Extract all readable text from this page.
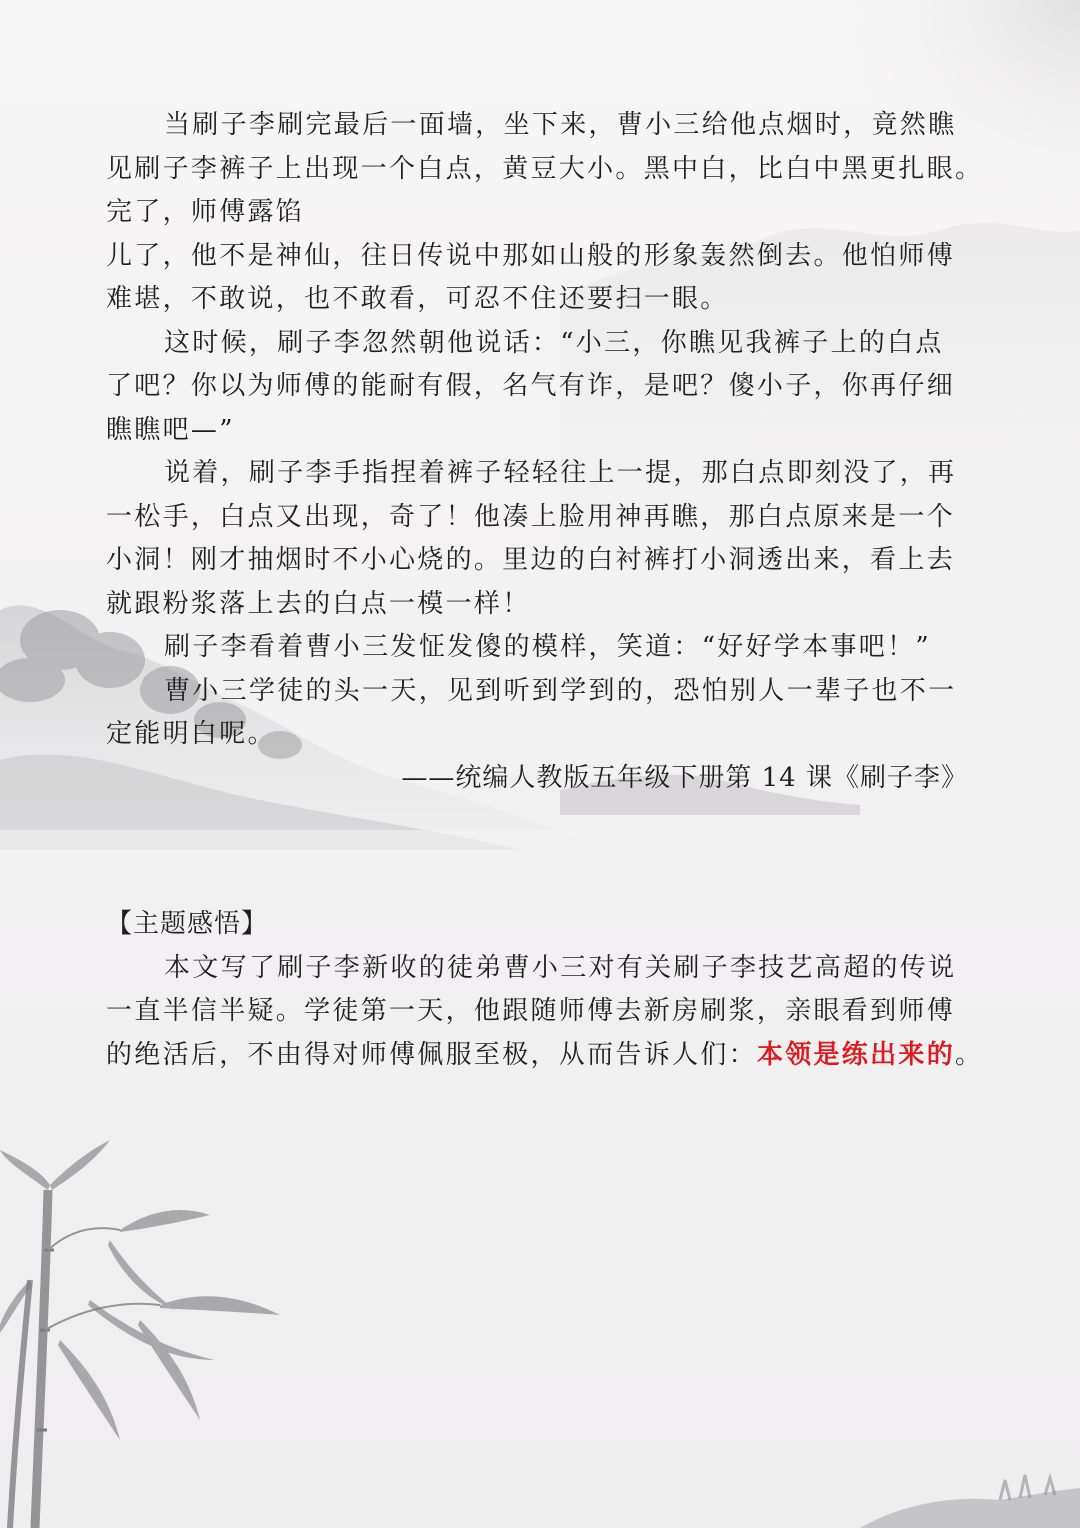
当刷子李刷完最后一面墙，坐下来，曹小三给他点烟时，竟然瞧
见刷子李裤子上出现一个白点，黄豆大小。黑中白，比白中黑更扎眼。
完了，师傅露馅
儿了，他不是神仙，往日传说中那如山般的形象轰然倒去。他怕师傅
难堪，不敢说，也不敢看，可忍不住还要扫一眼。
这时候，刷子李忽然朝他说话：“小三，你瞧见我裤子上的白点
了吧？你以为师傅的能耐有假，名气有诈，是吧？傻小子，你再仔细
瞧瞧吧—”
说着，刷子李手指捏着裤子轻轻往上一提，那白点即刻没了，再
一松手，白点又出现，奇了！他凑上脸用神再瞧，那白点原来是一个
小洞！刚才抽烟时不小心烧的。里边的白衬裤打小洞透出来，看上去
就跟粉浆落上去的白点一模一样！
刷子李看着曹小三发怔发傻的模样，笑道：“好好学本事吧！”
曹小三学徒的头一天，见到听到学到的，恐怕别人一辈子也不一
定能明白呢。
——统编人教版五年级下册第 14 课《刷子李》
【主题感悟】
本文写了刷子李新收的徒弟曹小三对有关刷子李技艺高超的传说
一直半信半疑。学徒第一天，他跟随师傅去新房刷浆，亲眼看到师傅
的绝活后，不由得对师傅佩服至极，从而告诉人们：本领是练出来的。
